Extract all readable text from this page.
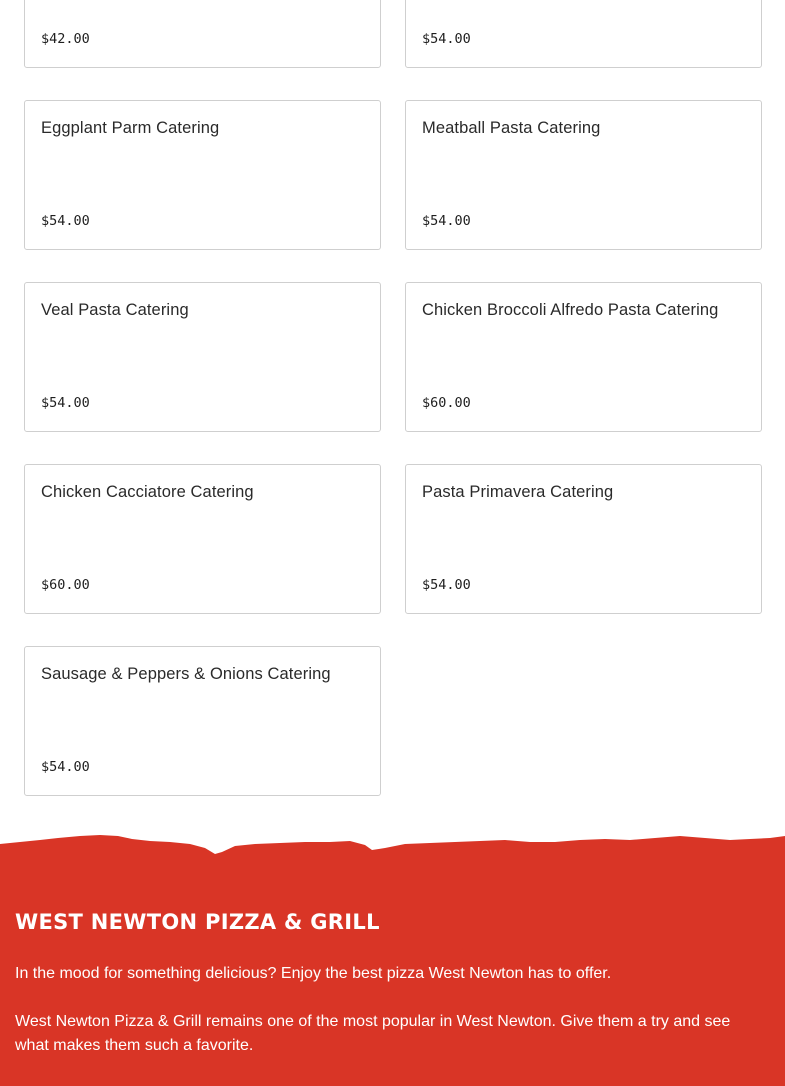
$42.00	$54.00
Eggplant Parm Catering
$54.00
Meatball Pasta Catering
$54.00
Veal Pasta Catering
$54.00
Chicken Broccoli Alfredo Pasta Catering
$60.00
Chicken Cacciatore Catering
$60.00
Pasta Primavera Catering
$54.00
Sausage & Peppers & Onions Catering
$54.00
WEST NEWTON PIZZA & GRILL
In the mood for something delicious? Enjoy the best pizza West Newton has to offer.
West Newton Pizza & Grill remains one of the most popular in West Newton. Give them a try and see what makes them such a favorite.
